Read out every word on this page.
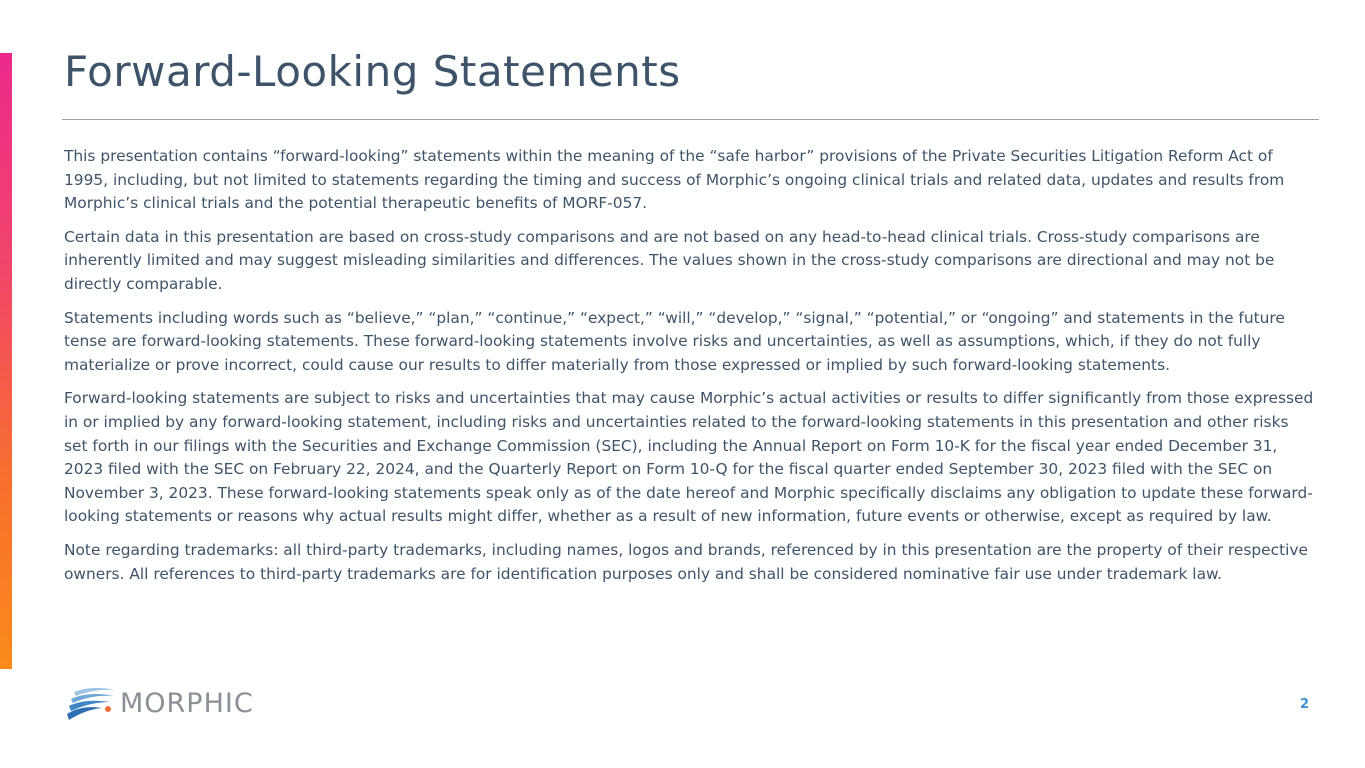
Forward-Looking Statements

This presentation contains “forward-looking” statements within the meaning of the “safe harbor” provisions of the Private Securities Litigation Reform Act of 1995, including, but not limited to statements regarding the timing and success of Morphic’s ongoing clinical trials and related data, updates and results from Morphic’s clinical trials and the potential therapeutic benefits of MORF-057.

Certain data in this presentation are based on cross-study comparisons and are not based on any head-to-head clinical trials. Cross-study comparisons are inherently limited and may suggest misleading similarities and differences. The values shown in the cross-study comparisons are directional and may not be directly comparable.

Statements including words such as “believe,” “plan,” “continue,” “expect,” “will,” “develop,” “signal,” “potential,” or “ongoing” and statements in the future tense are forward-looking statements. These forward-looking statements involve risks and uncertainties, as well as assumptions, which, if they do not fully materialize or prove incorrect, could cause our results to differ materially from those expressed or implied by such forward-looking statements.

Forward-looking statements are subject to risks and uncertainties that may cause Morphic’s actual activities or results to differ significantly from those expressed in or implied by any forward-looking statement, including risks and uncertainties related to the forward-looking statements in this presentation and other risks set forth in our filings with the Securities and Exchange Commission (SEC), including the Annual Report on Form 10-K for the fiscal year ended December 31, 2023 filed with the SEC on February 22, 2024, and the Quarterly Report on Form 10-Q for the fiscal quarter ended September 30, 2023 filed with the SEC on November 3, 2023. These forward-looking statements speak only as of the date hereof and Morphic specifically disclaims any obligation to update these forward-looking statements or reasons why actual results might differ, whether as a result of new information, future events or otherwise, except as required by law.

Note regarding trademarks: all third-party trademarks, including names, logos and brands, referenced by in this presentation are the property of their respective owners. All references to third-party trademarks are for identification purposes only and shall be considered nominative fair use under trademark law.

MORPHIC	2
